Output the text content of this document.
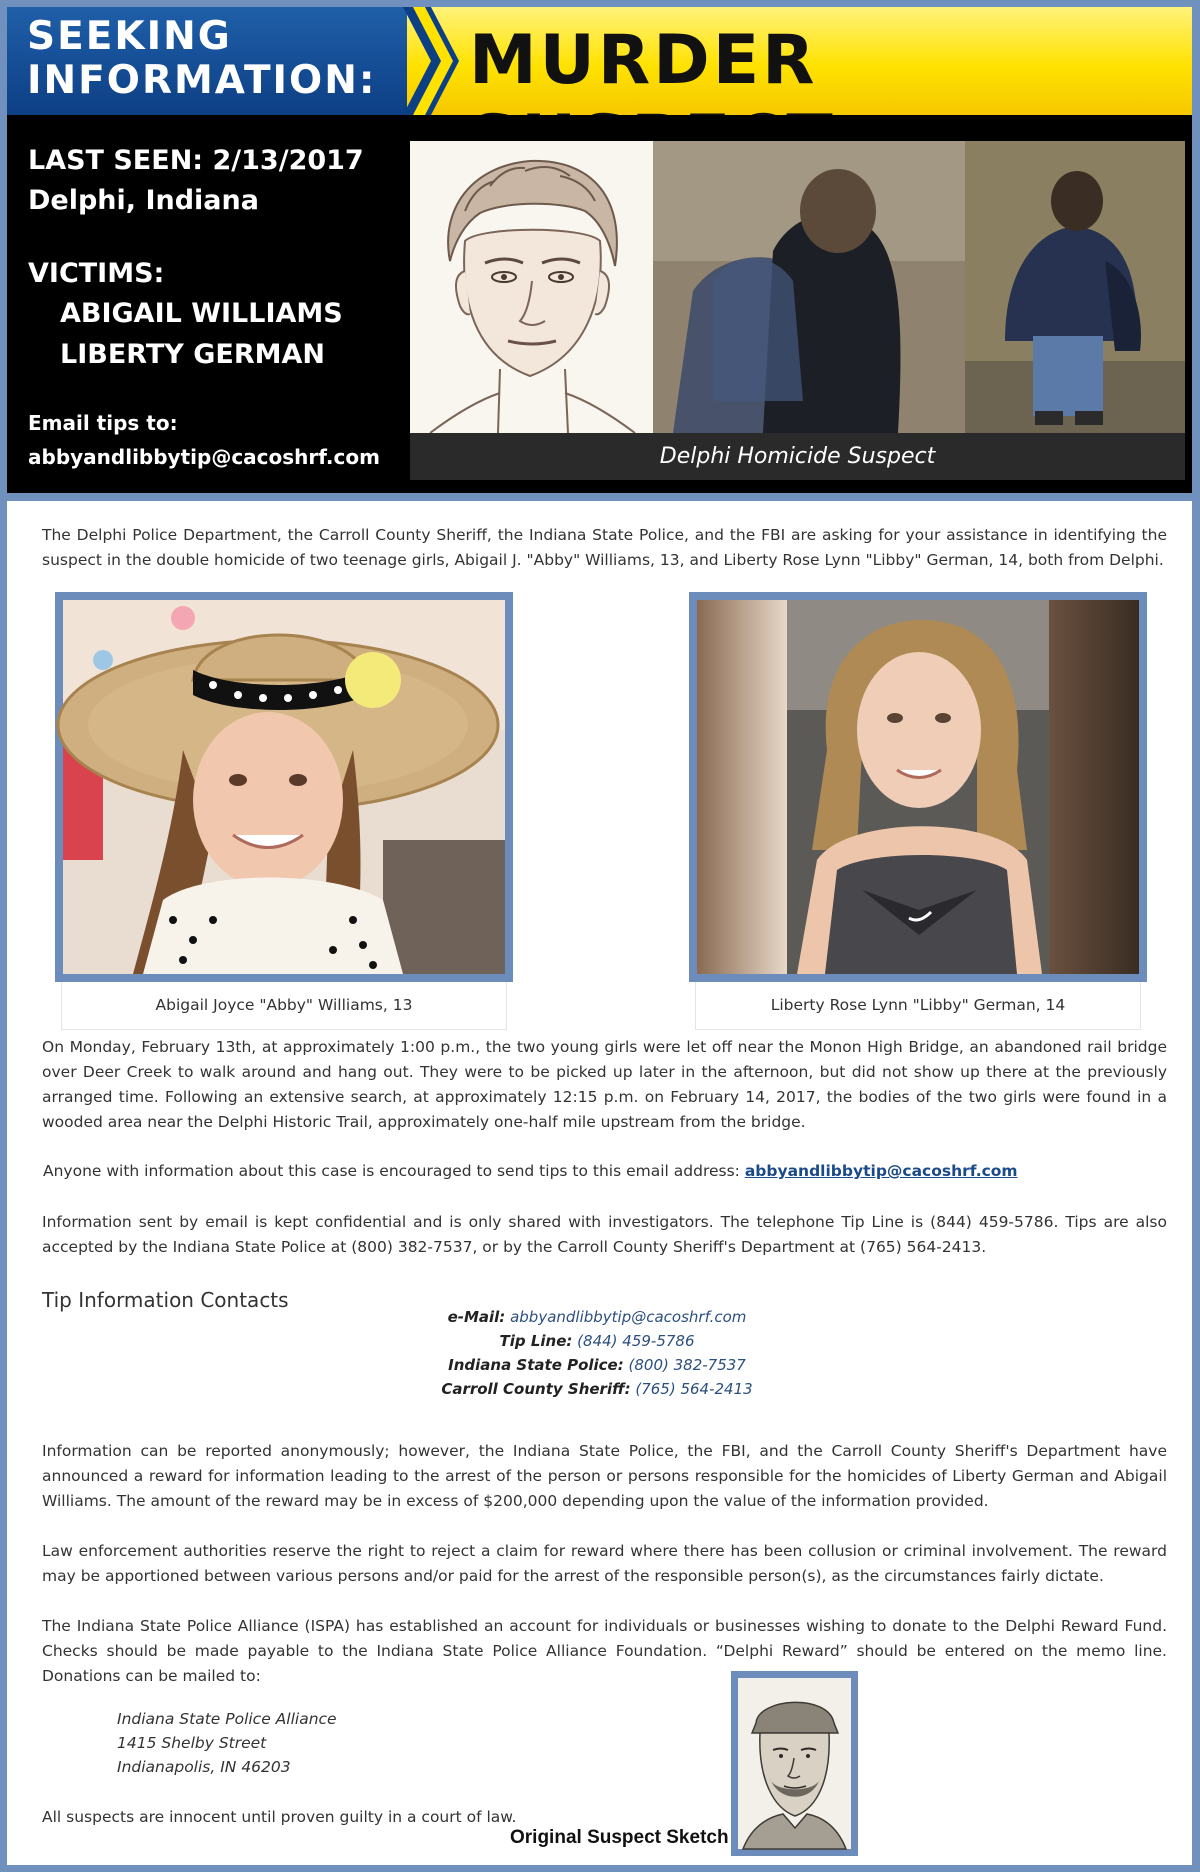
SEEKING
INFORMATION: MURDER
LAST SEEN: 2/13/2017
Delphi, Indiana
VICTIMS:
ABIGAIL WILLIAMS
LIBERTY GERMAN
Email tips to:
abbyandlibbytip@cacoshrf.com	Delphi Homicide Suspect

The Delphi Police Department, the Carroll County Sheriff, the Indiana State Police, and the FBI are asking for your assistance in identifying the suspect in the double homicide of two teenage girls, Abigail J. "Abby" Williams, 13, and Liberty Rose Lynn "Libby" German, 14, both from Delphi.

Abigail Joyce "Abby" Williams, 13	Liberty Rose Lynn "Libby" German, 14

On Monday, February 13th, at approximately 1:00 p.m., the two young girls were let off near the Monon High Bridge, an abandoned rail bridge over Deer Creek to walk around and hang out. They were to be picked up later in the afternoon, but did not show up there at the previously arranged time. Following an extensive search, at approximately 12:15 p.m. on February 14, 2017, the bodies of the two girls were found in a wooded area near the Delphi Historic Trail, approximately one-half mile upstream from the bridge.

Anyone with information about this case is encouraged to send tips to this email address: abbyandlibbytip@cacoshrf.com

Information sent by email is kept confidential and is only shared with investigators. The telephone Tip Line is (844) 459-5786. Tips are also accepted by the Indiana State Police at (800) 382-7537, or by the Carroll County Sheriff's Department at (765) 564-2413.

Tip Information Contacts
e-Mail: abbyandlibbytip@cacoshrf.com
Tip Line: (844) 459-5786
Indiana State Police: (800) 382-7537
Carroll County Sheriff: (765) 564-2413

Information can be reported anonymously; however, the Indiana State Police, the FBI, and the Carroll County Sheriff's Department have announced a reward for information leading to the arrest of the person or persons responsible for the homicides of Liberty German and Abigail Williams. The amount of the reward may be in excess of $200,000 depending upon the value of the information provided.

Law enforcement authorities reserve the right to reject a claim for reward where there has been collusion or criminal involvement. The reward may be apportioned between various persons and/or paid for the arrest of the responsible person(s), as the circumstances fairly dictate.

The Indiana State Police Alliance (ISPA) has established an account for individuals or businesses wishing to donate to the Delphi Reward Fund. Checks should be made payable to the Indiana State Police Alliance Foundation. “Delphi Reward” should be entered on the memo line. Donations can be mailed to:

Indiana State Police Alliance
1415 Shelby Street
Indianapolis, IN 46203

All suspects are innocent until proven guilty in a court of law.

Original Suspect Sketch
